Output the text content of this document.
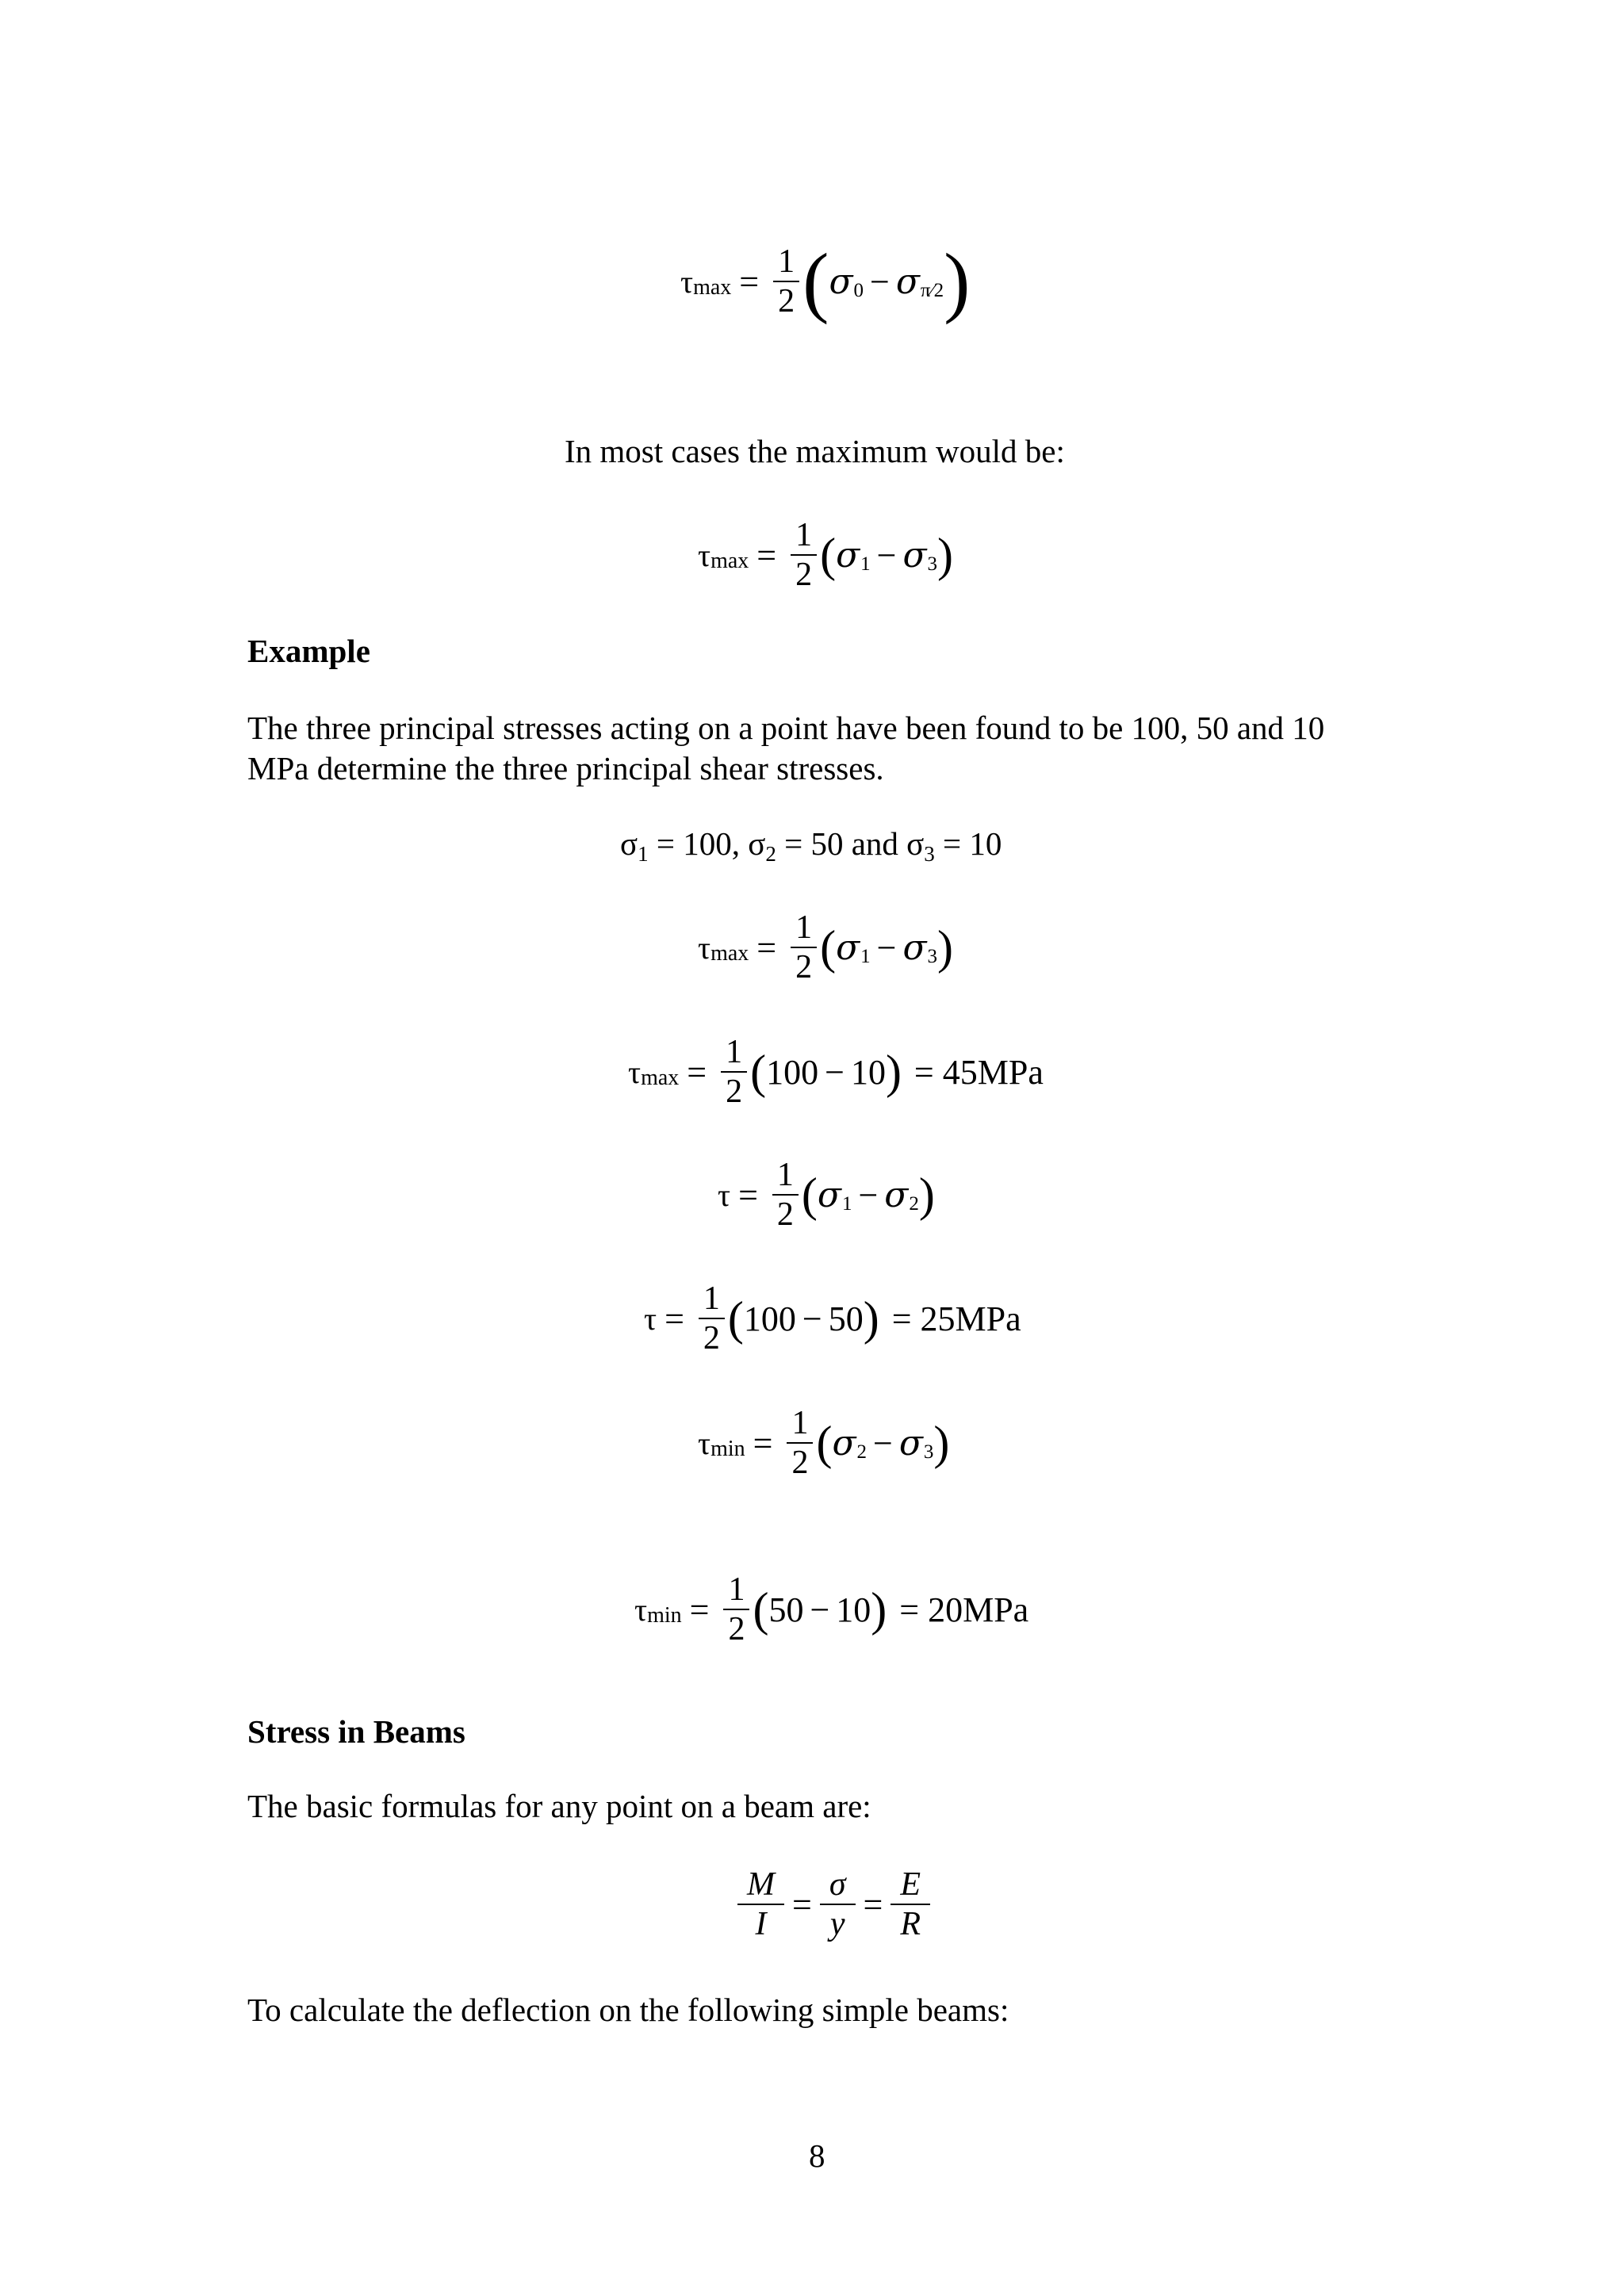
τ $\max = \frac{1}{2}$ ( σ 0 − σ π⁄2 )
In most cases the maximum would be:
τ $\max = \frac{1}{2}$ ( σ 1 − σ 3 )
Example
The three principal stresses acting on a point have been found to be 100, 50 and 10 MPa determine the three principal shear stresses.
σ1 = 100, σ2 = 50 and σ3 = 10
τ $\max = \frac{1}{2}$ ( σ 1 − σ 3 )
τ $\max = \frac{1}{2}$ ( 100 − 10 ) = 45MPa
$\tau = \frac{1}{2}$ ( σ 1 − σ 2 )
$\tau = \frac{1}{2}$ ( 100 − 50 ) = 25MPa
τ $\min = \frac{1}{2}$ ( σ 2 − σ 3 )
τ $\min = \frac{1}{2}$ ( 50 − 10 ) = 20MPa
Stress in Beams
The basic formulas for any point on a beam are:
$\frac{M}{I} = \frac{\sigma}{y} = \frac{E}{R}$
To calculate the deflection on the following simple beams:
8
